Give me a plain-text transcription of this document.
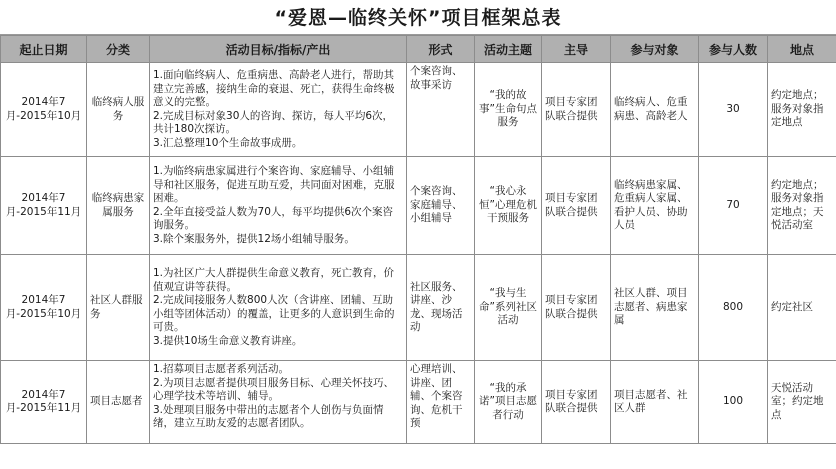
“爱恩—临终关怀”项目框架总表
起止日期	分类	活动目标/指标/产出	形式	活动主题	主导	参与对象	参与人数	地点
2014年7月-2015年10月	临终病人服务	1.面向临终病人、危重病患、高龄老人进行，帮助其建立完善感，接纳生命的衰退、死亡，获得生命终极意义的完整。
2.完成目标对象30人的咨询、探访，每人平均6次，共计180次探访。
3.汇总整理10个生命故事成册。	个案咨询、故事采访	“我的故事”生命句点服务	项目专家团队联合提供	临终病人、危重病患、高龄老人	30	约定地点；服务对象指定地点
2014年7月-2015年11月	临终病患家属服务	1.为临终病患家属进行个案咨询、家庭辅导、小组辅导和社区服务，促进互助互爱，共同面对困难，克服困难。
2.全年直接受益人数为70人，每平均提供6次个案咨询服务。
3.除个案服务外，提供12场小组辅导服务。	个案咨询、家庭辅导、小组辅导	“我心永恒”心理危机干预服务	项目专家团队联合提供	临终病患家属、危重病人家属、看护人员、协助人员	70	约定地点；服务对象指定地点；天悦活动室
2014年7月-2015年10月	社区人群服务	1.为社区广大人群提供生命意义教育，死亡教育，价值观宣讲等获得。
2.完成间接服务人数800人次（含讲座、团辅、互助小组等团体活动）的覆盖，让更多的人意识到生命的可贵。
3.提供10场生命意义教育讲座。	社区服务、讲座、沙龙、现场活动	“我与生命”系列社区活动	项目专家团队联合提供	社区人群、项目志愿者、病患家属	800	约定社区
2014年7月-2015年11月	项目志愿者	1.招募项目志愿者系列活动。
2.为项目志愿者提供项目服务目标、心理关怀技巧、心理学技术等培训、辅导。
3.处理项目服务中带出的志愿者个人创伤与负面情绪，建立互助友爱的志愿者团队。	心理培训、讲座、团辅、个案咨询、危机干预	“我的承诺”项目志愿者行动	项目专家团队联合提供	项目志愿者、社区人群	100	天悦活动室；约定地点
